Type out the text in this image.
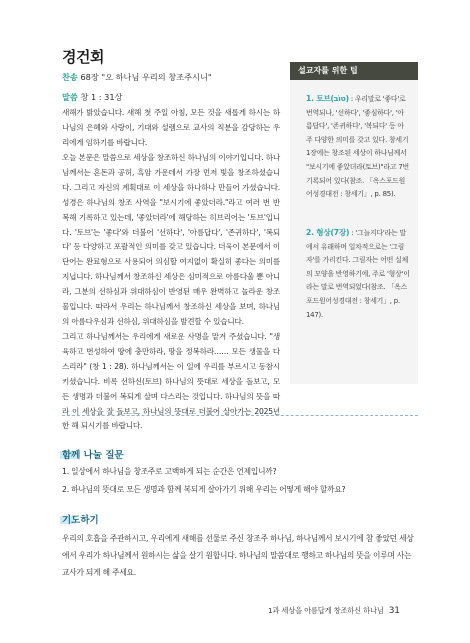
경건회
찬송 68장 "오 하나님 우리의 창조주시니"
말씀 창 1 : 31상

새해가 밝았습니다. 새해 첫 주일 아침, 모든 것을 새롭게 하시는 하나님의 은혜와 사랑이, 기대와 설렘으로 교사의 직분을 감당하는 우리에게 임하기를 바랍니다.

오늘 본문은 말씀으로 세상을 창조하신 하나님의 이야기입니다. 하나님께서는 혼돈과 공허, 흑암 가운데서 가장 먼저 빛을 창조하셨습니다. 그리고 자신의 계획대로 이 세상을 하나하나 만들어 가셨습니다. 성경은 하나님의 창조 사역을 "보시기에 좋았더라."라고 여러 번 반복해 기록하고 있는데, '좋았더라'에 해당하는 히브리어는 '토브'입니다. '토브'는 '좋다'와 더불어 '선하다', '아름답다', '존귀하다', '복되다' 등 다양하고 포괄적인 의미를 갖고 있습니다. 더욱이 본문에서 이 단어는 완료형으로 사용되어 의심할 여지없이 확실히 좋다는 의미를 지닙니다. 하나님께서 창조하신 세상은 심미적으로 아름다울 뿐 아니라, 그분의 선하심과 위대하심이 반영된 매우 완벽하고 놀라운 창조물입니다. 따라서 우리는 하나님께서 창조하신 세상을 보며, 하나님의 아름다우심과 선하심, 위대하심을 발견할 수 있습니다.

그리고 하나님께서는 우리에게 새로운 사명을 맡겨 주셨습니다. "생육하고 번성하여 땅에 충만하라, 땅을 정복하라…… 모든 생물을 다스리라" (창 1 : 28). 하나님께서는 이 일에 우리를 부르시고 동참시키셨습니다. 비록 선하신(토브) 하나님의 뜻대로 세상을 돌보고, 모든 생명과 더불어 복되게 살며 다스리는 것입니다. 하나님의 뜻을 따라 이 세상을 잘 돌보고, 하나님의 뜻대로 더불어 살아가는 2025년 한 해 되시기를 바랍니다.

설교자를 위한 팁

1. 토브(טוֹב) : 우리말로 '좋다'로 번역되나, '선하다', '좋심하다', '아름답다', '존귀하다', '복되다' 등 아주 다양한 의미를 갖고 있다. 창세기 1장에는 창조된 세상이 하나님께서 "보시기에 좋았더라(토브)"라고 7번 기록되어 있다(참조. 「옥스포드원어성경대전 : 창세기」, p. 85).

2. 형상(7장) : '그늘지다'라는 말에서 유래하며 일차적으로는 '그림자'를 가리킨다. 그림자는 어떤 실체의 모양을 반영하기에, 주로 '형상'이라는 말로 번역되었다(참조. 「옥스포드원어성경대전 : 창세기」, p. 147).

함께 나눌 질문
1. 일상에서 하나님을 창조주로 고백하게 되는 순간은 언제입니까?
2. 하나님의 뜻대로 모든 생명과 함께 복되게 살아가기 위해 우리는 어떻게 해야 할까요?
기도하기

우리의 호흡을 주관하시고, 우리에게 새해를 선물로 주신 창조주 하나님, 하나님께서 보시기에 참 좋았던 세상에서 우리가 하나님께서 원하시는 삶을 살기 원합니다. 하나님의 말씀대로 행하고 하나님의 뜻을 이루며 사는 교사가 되게 해 주세요.

1과 세상을 아름답게 창조하신 하나님 31
